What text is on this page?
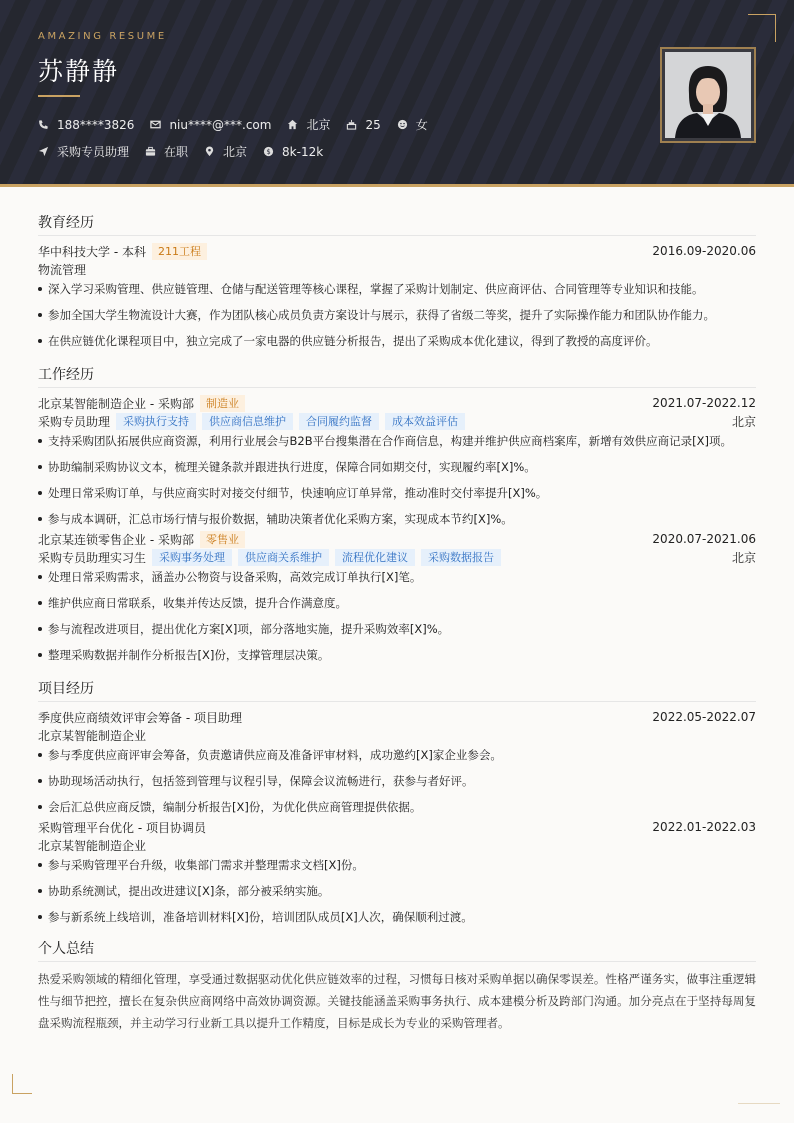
AMAZING RESUME
苏静静
188****3826	niu****@***.com	北京	25	女
采购专员助理	在职	北京	$ 8k-12k
教育经历
华中科技大学 - 本科	211工程	2016.09-2020.06
物流管理
深入学习采购管理、供应链管理、仓储与配送管理等核心课程，掌握了采购计划制定、供应商评估、合同管理等专业知识和技能。
参加全国大学生物流设计大赛，作为团队核心成员负责方案设计与展示，获得了省级二等奖，提升了实际操作能力和团队协作能力。
在供应链优化课程项目中，独立完成了一家电器的供应链分析报告，提出了采购成本优化建议，得到了教授的高度评价。
工作经历
北京某智能制造企业 - 采购部	制造业	2021.07-2022.12
采购专员助理	采购执行支持	供应商信息维护	合同履约监督	成本效益评估	北京
支持采购团队拓展供应商资源，利用行业展会与B2B平台搜集潜在合作商信息，构建并维护供应商档案库，新增有效供应商记录[X]项。
协助编制采购协议文本，梳理关键条款并跟进执行进度，保障合同如期交付，实现履约率[X]%。
处理日常采购订单，与供应商实时对接交付细节，快速响应订单异常，推动准时交付率提升[X]%。
参与成本调研，汇总市场行情与报价数据，辅助决策者优化采购方案，实现成本节约[X]%。
北京某连锁零售企业 - 采购部	零售业	2020.07-2021.06
采购专员助理实习生	采购事务处理	供应商关系维护	流程优化建议	采购数据报告	北京
处理日常采购需求，涵盖办公物资与设备采购，高效完成订单执行[X]笔。
维护供应商日常联系，收集并传达反馈，提升合作满意度。
参与流程改进项目，提出优化方案[X]项，部分落地实施，提升采购效率[X]%。
整理采购数据并制作分析报告[X]份，支撑管理层决策。
项目经历
季度供应商绩效评审会筹备 - 项目助理	2022.05-2022.07
北京某智能制造企业
参与季度供应商评审会筹备，负责邀请供应商及准备评审材料，成功邀约[X]家企业参会。
协助现场活动执行，包括签到管理与议程引导，保障会议流畅进行，获参与者好评。
会后汇总供应商反馈，编制分析报告[X]份，为优化供应商管理提供依据。
采购管理平台优化 - 项目协调员	2022.01-2022.03
北京某智能制造企业
参与采购管理平台升级，收集部门需求并整理需求文档[X]份。
协助系统测试，提出改进建议[X]条，部分被采纳实施。
参与新系统上线培训，准备培训材料[X]份，培训团队成员[X]人次，确保顺利过渡。
个人总结

热爱采购领域的精细化管理，享受通过数据驱动优化供应链效率的过程，习惯每日核对采购单据以确保零误差。性格严谨务实，做事注重逻辑性与细节把控，擅长在复杂供应商网络中高效协调资源。关键技能涵盖采购事务执行、成本建模分析及跨部门沟通。加分亮点在于坚持每周复盘采购流程瓶颈，并主动学习行业新工具以提升工作精度，目标是成长为专业的采购管理者。
